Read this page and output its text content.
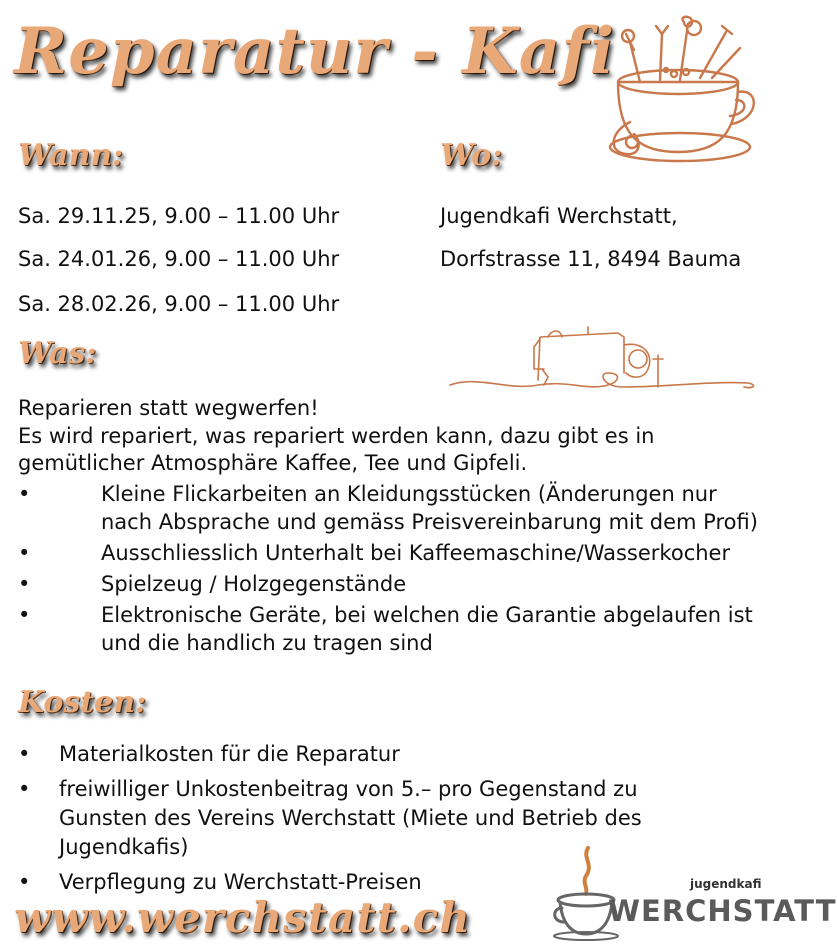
Reparatur - Kafi
Wann:	Wo:
Sa. 29.11.25, 9.00 – 11.00 Uhr
Sa. 24.01.26, 9.00 – 11.00 Uhr
Sa. 28.02.26, 9.00 – 11.00 Uhr
Jugendkafi Werchstatt,
Dorfstrasse 11, 8494 Bauma
Was:
Reparieren statt wegwerfen!
Es wird repariert, was repariert werden kann, dazu gibt es in gemütlicher Atmosphäre Kaffee, Tee und Gipfeli.
•	Kleine Flickarbeiten an Kleidungsstücken (Änderungen nur nach Absprache und gemäss Preisvereinbarung mit dem Profi)
•	Ausschliesslich Unterhalt bei Kaffeemaschine/Wasserkocher
•	Spielzeug / Holzgegenstände
•	Elektronische Geräte, bei welchen die Garantie abgelaufen ist und die handlich zu tragen sind
Kosten:
• Materialkosten für die Reparatur
• freiwilliger Unkostenbeitrag von 5.– pro Gegenstand zu Gunsten des Vereins Werchstatt (Miete und Betrieb des Jugendkafis)
• Verpflegung zu Werchstatt-Preisen
www.werchstatt.ch
jugendkafi
WERCHSTATT
